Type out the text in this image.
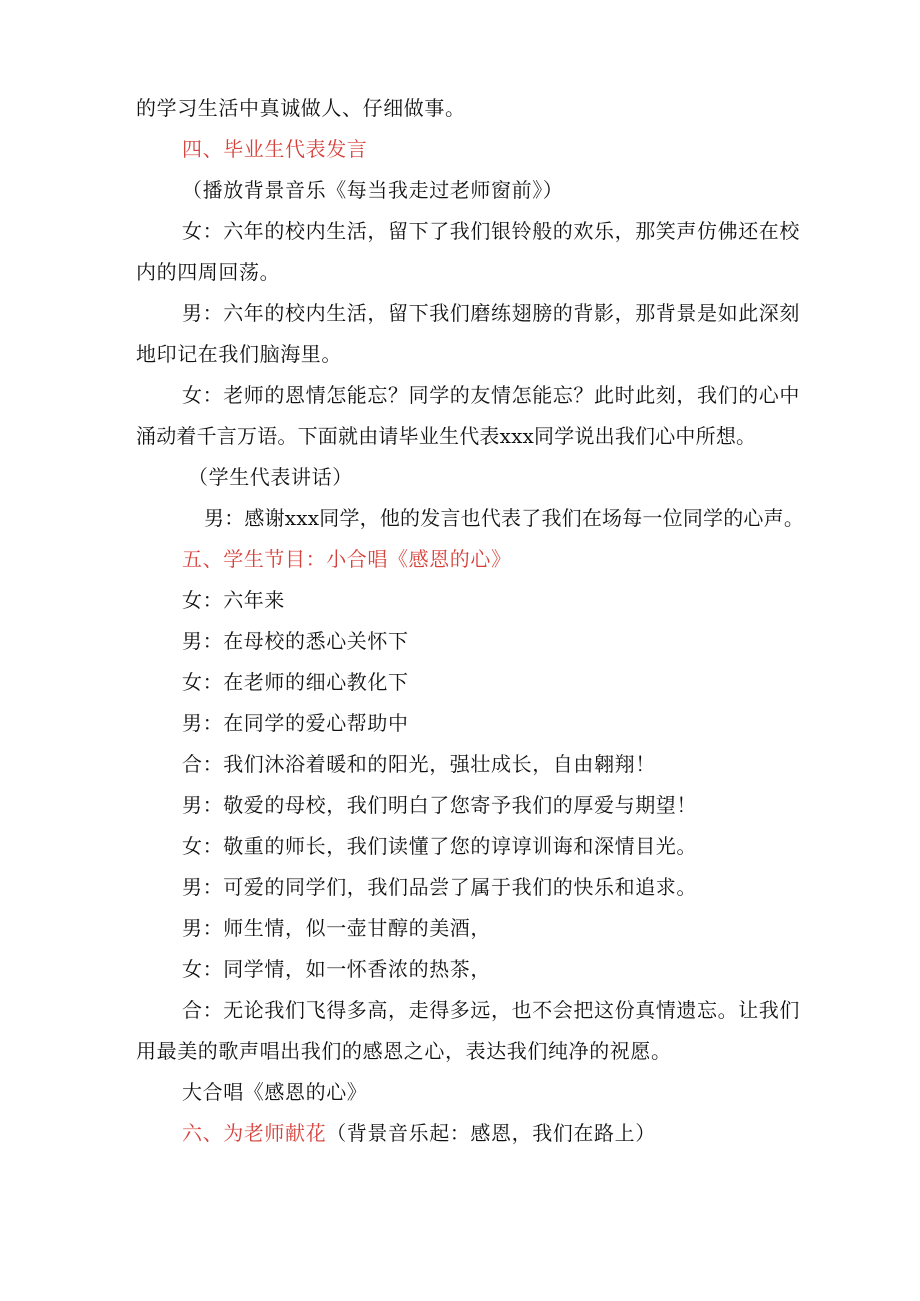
的学习生活中真诚做人、仔细做事。
四、毕业生代表发言
（播放背景音乐《每当我走过老师窗前》）
女：六年的校内生活，留下了我们银铃般的欢乐，那笑声仿佛还在校
内的四周回荡。
男：六年的校内生活，留下我们磨练翅膀的背影，那背景是如此深刻
地印记在我们脑海里。
女：老师的恩情怎能忘？同学的友情怎能忘？此时此刻，我们的心中
涌动着千言万语。下面就由请毕业生代表xxx同学说出我们心中所想。
（学生代表讲话）
男：感谢xxx同学，他的发言也代表了我们在场每一位同学的心声。
五、学生节目：小合唱《感恩的心》
女：六年来
男：在母校的悉心关怀下
女：在老师的细心教化下
男：在同学的爱心帮助中
合：我们沐浴着暖和的阳光，强壮成长，自由翱翔！
男：敬爱的母校，我们明白了您寄予我们的厚爱与期望！
女：敬重的师长，我们读懂了您的谆谆训诲和深情目光。
男：可爱的同学们，我们品尝了属于我们的快乐和追求。
男：师生情，似一壶甘醇的美酒，
女：同学情，如一怀香浓的热茶，
合：无论我们飞得多高，走得多远，也不会把这份真情遗忘。让我们
用最美的歌声唱出我们的感恩之心，表达我们纯净的祝愿。
大合唱《感恩的心》
六、为老师献花（背景音乐起：感恩，我们在路上）
